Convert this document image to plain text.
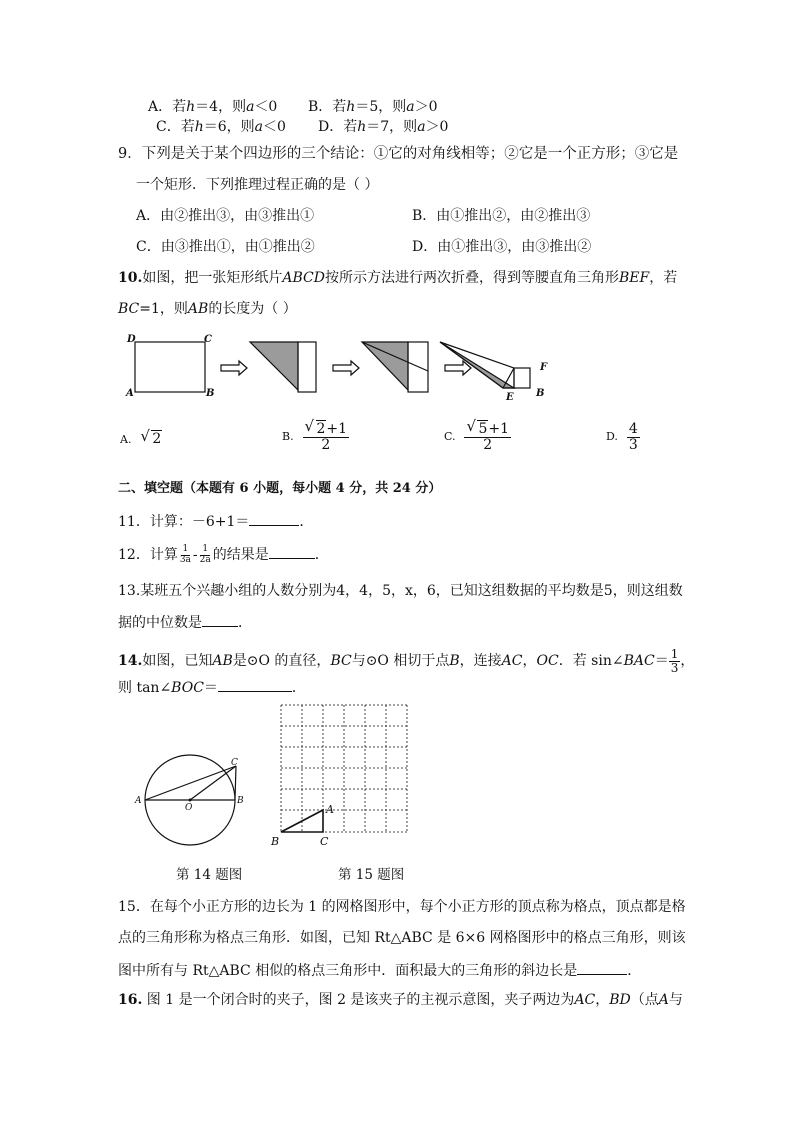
A．若h＝4，则a＜0 B．若h＝5，则a＞0
C．若h＝6，则a＜0 D．若h＝7，则a＞0
9．下列是关于某个四边形的三个结论：①它的对角线相等；②它是一个正方形；③它是
一个矩形．下列推理过程正确的是（ ）
A．由②推出③，由③推出①	B．由①推出②，由②推出③
C．由③推出①，由①推出②	D．由①推出③，由③推出②
10.如图，把一张矩形纸片ABCD按所示方法进行两次折叠，得到等腰直角三角形BEF，若
BC=1，则AB的长度为（ ）
D	C
A	B
F
E B
A. √ 2	B. $\frac{√ 2+1}{2}$	C. $\frac{√ 5+1}{2}$	D. $\frac{4}{3}$
二、填空题（本题有 6 小题，每小题 4 分，共 24 分）
11．计算：－6+1＝	．
12．计算 $\frac{1}{3a} - \frac{1}{2a}$ 的结果是	．
13.某班五个兴趣小组的人数分别为4，4，5，x，6，已知这组数据的平均数是5，则这组数
据的中位数是	．
14.如图，已知AB是⊙O 的直径，BC与⊙O 相切于点B，连接AC，OC．若 sin∠BAC＝ $\frac{1}{3}$ ，
则 tan∠BOC＝	．
A	B
C
O
第 14 题图
A
B	C
第 15 题图
15．在每个小正方形的边长为 1 的网格图形中，每个小正方形的顶点称为格点，顶点都是格
点的三角形称为格点三角形．如图，已知 Rt△ABC 是 6×6 网格图形中的格点三角形，则该
图中所有与 Rt△ABC 相似的格点三角形中．面积最大的三角形的斜边长是	．
16. 图 1 是一个闭合时的夹子，图 2 是该夹子的主视示意图，夹子两边为AC，BD（点A与
